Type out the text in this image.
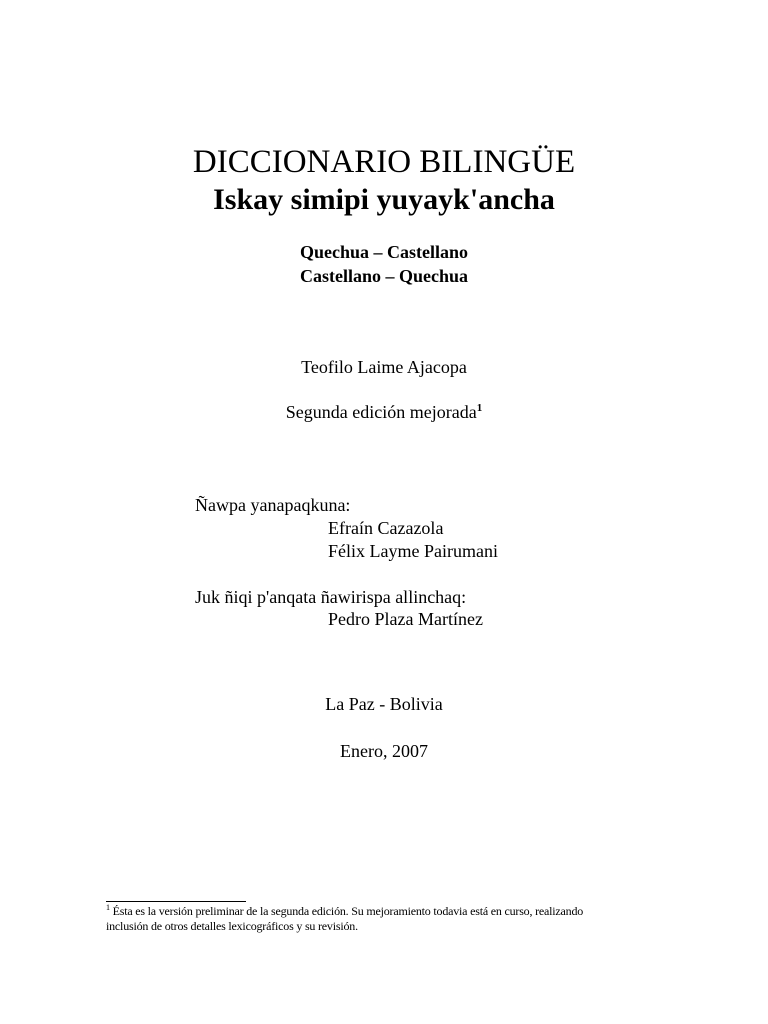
DICCIONARIO BILINGÜE
Iskay simipi yuyayk'ancha
Quechua – Castellano
Castellano – Quechua
Teofilo Laime Ajacopa
Segunda edición mejorada$^1$
Ñawpa yanapaqkuna:
Efraín Cazazola
Félix Layme Pairumani
Juk ñiqi p'anqata ñawirispa allinchaq:
Pedro Plaza Martínez
La Paz - Bolivia
Enero, 2007
$^1$ Ésta es la versión preliminar de la segunda edición. Su mejoramiento todavia está en curso, realizando
inclusión de otros detalles lexicográficos y su revisión.
